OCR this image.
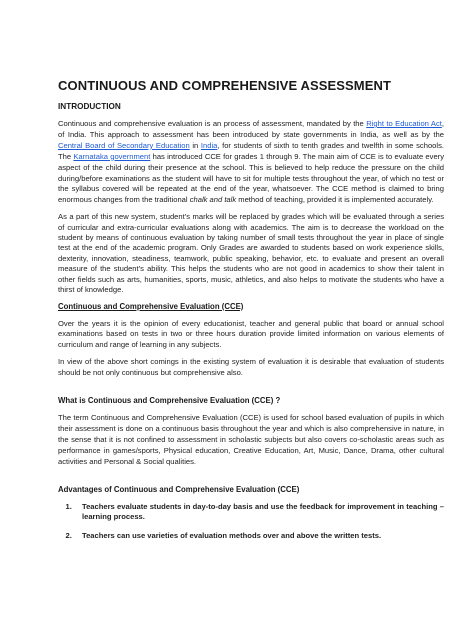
CONTINUOUS AND COMPREHENSIVE ASSESSMENT
INTRODUCTION

Continuous and comprehensive evaluation is an process of assessment, mandated by the Right to Education Act, of India. This approach to assessment has been introduced by state governments in India, as well as by the Central Board of Secondary Education in India, for students of sixth to tenth grades and twelfth in some schools. The Karnataka government has introduced CCE for grades 1 through 9. The main aim of CCE is to evaluate every aspect of the child during their presence at the school. This is believed to help reduce the pressure on the child during/before examinations as the student will have to sit for multiple tests throughout the year, of which no test or the syllabus covered will be repeated at the end of the year, whatsoever. The CCE method is claimed to bring enormous changes from the traditional chalk and talk method of teaching, provided it is implemented accurately.

As a part of this new system, student’s marks will be replaced by grades which will be evaluated through a series of curricular and extra-curricular evaluations along with academics. The aim is to decrease the workload on the student by means of continuous evaluation by taking number of small tests throughout the year in place of single test at the end of the academic program. Only Grades are awarded to students based on work experience skills, dexterity, innovation, steadiness, teamwork, public speaking, behavior, etc. to evaluate and present an overall measure of the student’s ability. This helps the students who are not good in academics to show their talent in other fields such as arts, humanities, sports, music, athletics, and also helps to motivate the students who have a thirst of knowledge.

Continuous and Comprehensive Evaluation (CCE)

Over the years it is the opinion of every educationist, teacher and general public that board or annual school examinations based on tests in two or three hours duration provide limited information on various elements of curriculum and range of learning in any subjects.

In view of the above short comings in the existing system of evaluation it is desirable that evaluation of students should be not only continuous but comprehensive also.

What is Continuous and Comprehensive Evaluation (CCE) ?

The term Continuous and Comprehensive Evaluation (CCE) is used for school based evaluation of pupils in which their assessment is done on a continuous basis throughout the year and which is also comprehensive in nature, in the sense that it is not confined to assessment in scholastic subjects but also covers co-scholastic areas such as performance in games/sports, Physical education, Creative Education, Art, Music, Dance, Drama, other cultural activities and Personal & Social qualities.

Advantages of Continuous and Comprehensive Evaluation (CCE)
1. Teachers evaluate students in day-to-day basis and use the feedback for improvement in teaching – learning process.
2. Teachers can use varieties of evaluation methods over and above the written tests.
